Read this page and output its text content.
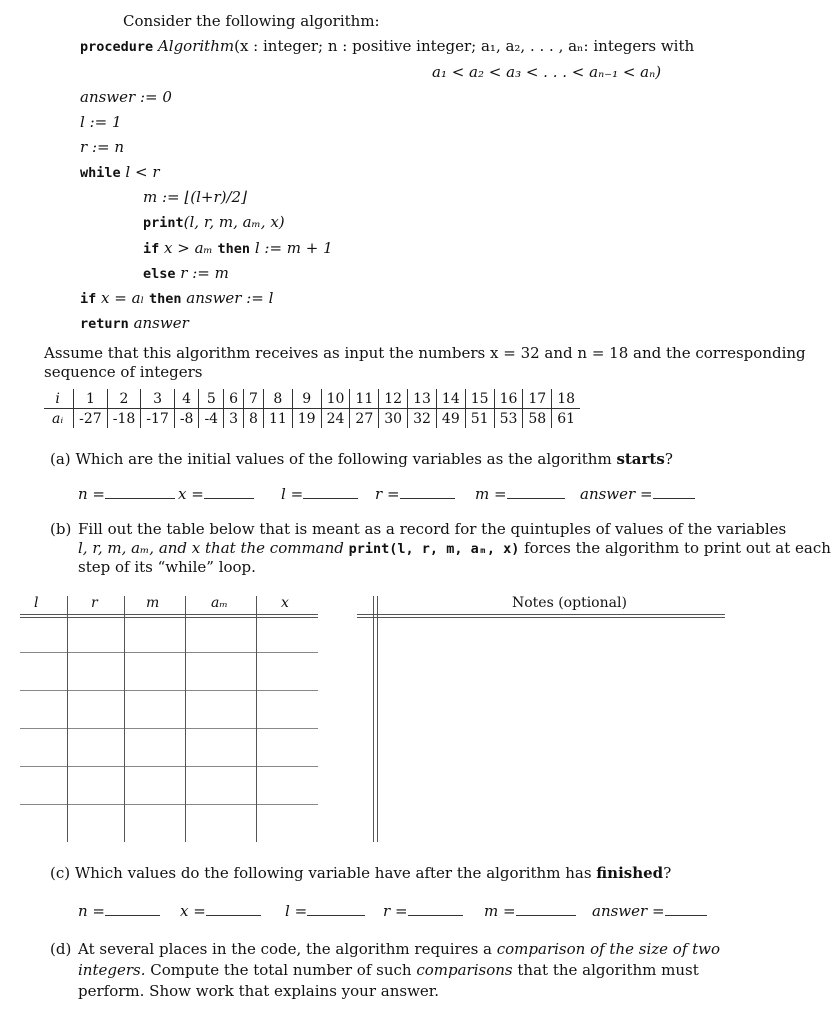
Consider the following algorithm:
procedure Algorithm(x : integer; n : positive integer; a₁, a₂, . . . , aₙ: integers with
a₁ < a₂ < a₃ < . . . < aₙ₋₁ < aₙ)
answer := 0
l := 1
r := n
while l < r
m := ⌊(l+r)/2⌋
print(l, r, m, aₘ, x)
if x > aₘ then l := m + 1
else r := m
if x = aₗ then answer := l
return answer
Assume that this algorithm receives as input the numbers x = 32 and n = 18 and the corresponding
sequence of integers
i	1	2	3	4	5	6	7	8	9	10	11	12	13	14	15	16	17	18
aᵢ	-27	-18	-17	-8	-4	3	8	11	19	24	27	30	32	49	51	53	58	61
(a) Which are the initial values of the following variables as the algorithm starts?
n =	x =	l =	r =	m =	answer =
(b) Fill out the table below that is meant as a record for the quintuples of values of the variables
l, r, m, aₘ, and x that the command print(l, r, m, aₘ, x) forces the algorithm to print out at each
step of its “while” loop.
l	r	m	aₘ	x	Notes (optional)
(c) Which values do the following variable have after the algorithm has finished?
n =	x =	l =	r =	m =	answer =
(d) At several places in the code, the algorithm requires a comparison of the size of two
integers. Compute the total number of such comparisons that the algorithm must
perform. Show work that explains your answer.
